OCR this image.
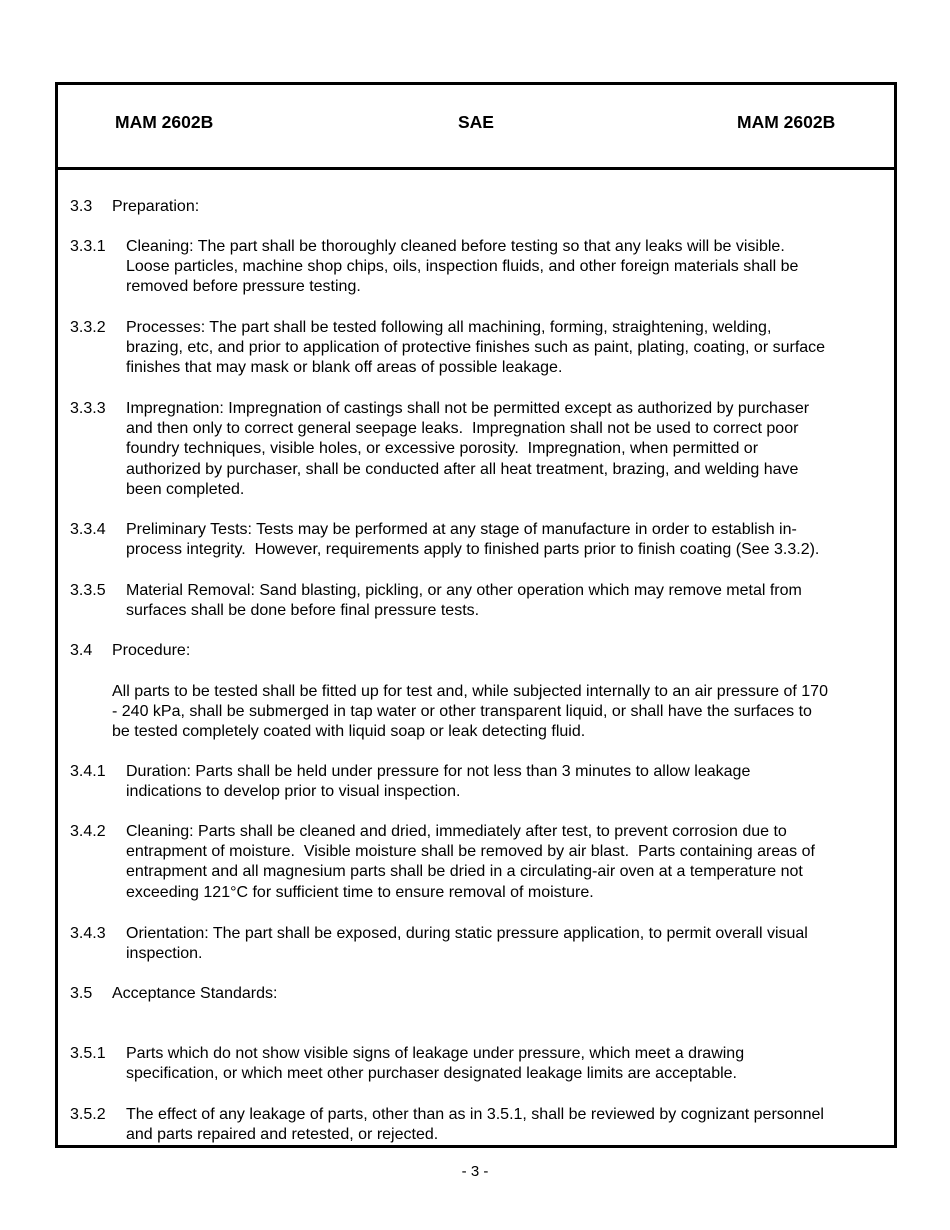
MAM 2602B	SAE	MAM 2602B
3.3 Preparation:
3.3.1 Cleaning: The part shall be thoroughly cleaned before testing so that any leaks will be visible.
Loose particles, machine shop chips, oils, inspection fluids, and other foreign materials shall be
removed before pressure testing.
3.3.2 Processes: The part shall be tested following all machining, forming, straightening, welding,
brazing, etc, and prior to application of protective finishes such as paint, plating, coating, or surface
finishes that may mask or blank off areas of possible leakage.
3.3.3 Impregnation: Impregnation of castings shall not be permitted except as authorized by purchaser
and then only to correct general seepage leaks.  Impregnation shall not be used to correct poor
foundry techniques, visible holes, or excessive porosity.  Impregnation, when permitted or
authorized by purchaser, shall be conducted after all heat treatment, brazing, and welding have
been completed.
3.3.4 Preliminary Tests: Tests may be performed at any stage of manufacture in order to establish in-
process integrity.  However, requirements apply to finished parts prior to finish coating (See 3.3.2).
3.3.5 Material Removal: Sand blasting, pickling, or any other operation which may remove metal from
surfaces shall be done before final pressure tests.
3.4 Procedure:
All parts to be tested shall be fitted up for test and, while subjected internally to an air pressure of 170
- 240 kPa, shall be submerged in tap water or other transparent liquid, or shall have the surfaces to
be tested completely coated with liquid soap or leak detecting fluid.
3.4.1 Duration: Parts shall be held under pressure for not less than 3 minutes to allow leakage
indications to develop prior to visual inspection.
3.4.2 Cleaning: Parts shall be cleaned and dried, immediately after test, to prevent corrosion due to
entrapment of moisture.  Visible moisture shall be removed by air blast.  Parts containing areas of
entrapment and all magnesium parts shall be dried in a circulating-air oven at a temperature not
exceeding 121°C for sufficient time to ensure removal of moisture.
3.4.3 Orientation: The part shall be exposed, during static pressure application, to permit overall visual
inspection.
3.5 Acceptance Standards:
3.5.1 Parts which do not show visible signs of leakage under pressure, which meet a drawing
specification, or which meet other purchaser designated leakage limits are acceptable.
3.5.2 The effect of any leakage of parts, other than as in 3.5.1, shall be reviewed by cognizant personnel
and parts repaired and retested, or rejected.
- 3 -
